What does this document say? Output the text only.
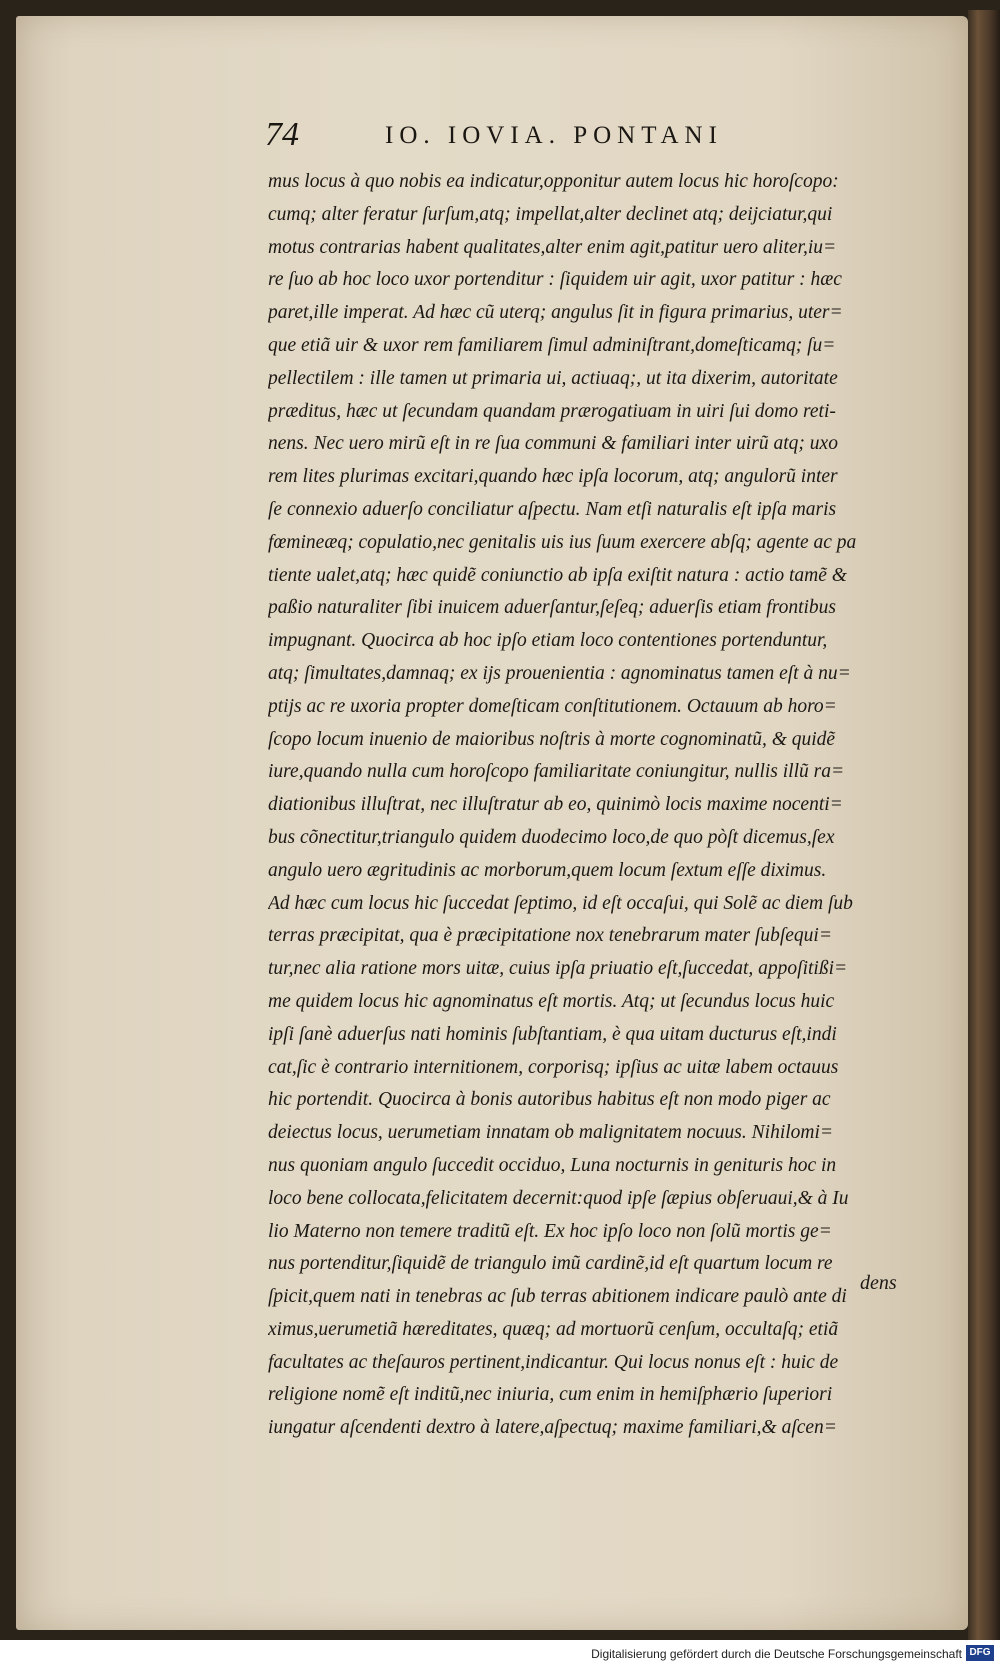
74	IO. IOVIA. PONTANI
mus locus à quo nobis ea indicatur,opponitur autem locus hic horoſcopo:
cumq; alter feratur ſurſum,atq; impellat,alter declinet atq; deijciatur,qui
motus contrarias habent qualitates,alter enim agit,patitur uero aliter,iu=
re ſuo ab hoc loco uxor portenditur : ſiquidem uir agit, uxor patitur : hæc
paret,ille imperat. Ad hæc cũ uterq; angulus ſit in figura primarius, uter=
que etiã uir & uxor rem familiarem ſimul adminiſtrant,domeſticamq; ſu=
pellectilem : ille tamen ut primaria ui, actiuaq;, ut ita dixerim, autoritate
præditus, hæc ut ſecundam quandam prærogatiuam in uiri ſui domo reti-
nens. Nec uero mirũ eſt in re ſua communi & familiari inter uirũ atq; uxo
rem lites plurimas excitari,quando hæc ipſa locorum, atq; angulorũ inter
ſe connexio aduerſo conciliatur aſpectu. Nam etſi naturalis eſt ipſa maris
fœmineæq; copulatio,nec genitalis uis ius ſuum exercere abſq; agente ac pa
tiente ualet,atq; hæc quidẽ coniunctio ab ipſa exiſtit natura : actio tamẽ &
paßio naturaliter ſibi inuicem aduerſantur,ſeſeq; aduerſis etiam frontibus
impugnant. Quocirca ab hoc ipſo etiam loco contentiones portenduntur,
atq; ſimultates,damnaq; ex ijs prouenientia : agnominatus tamen eſt à nu=
ptijs ac re uxoria propter domeſticam conſtitutionem. Octauum ab horo=
ſcopo locum inuenio de maioribus noſtris à morte cognominatũ, & quidẽ
iure,quando nulla cum horoſcopo familiaritate coniungitur, nullis illũ ra=
diationibus illuſtrat, nec illuſtratur ab eo, quinimò locis maxime nocenti=
bus cõnectitur,triangulo quidem duodecimo loco,de quo pòſt dicemus,ſex
angulo uero ægritudinis ac morborum,quem locum ſextum eſſe diximus.
Ad hæc cum locus hic ſuccedat ſeptimo, id eſt occaſui, qui Solẽ ac diem ſub
terras præcipitat, qua è præcipitatione nox tenebrarum mater ſubſequi=
tur,nec alia ratione mors uitæ, cuius ipſa priuatio eſt,ſuccedat, appoſitißi=
me quidem locus hic agnominatus eſt mortis. Atq; ut ſecundus locus huic
ipſi ſanè aduerſus nati hominis ſubſtantiam, è qua uitam ducturus eſt,indi
cat,ſic è contrario internitionem, corporisq; ipſius ac uitæ labem octauus
hic portendit. Quocirca à bonis autoribus habitus eſt non modo piger ac
deiectus locus, uerumetiam innatam ob malignitatem nocuus. Nihilomi=
nus quoniam angulo ſuccedit occiduo, Luna nocturnis in genituris hoc in
loco bene collocata,felicitatem decernit:quod ipſe ſæpius obſeruaui,& à Iu
lio Materno non temere traditũ eſt. Ex hoc ipſo loco non ſolũ mortis ge=
nus portenditur,ſiquidẽ de triangulo imũ cardinẽ,id eſt quartum locum re
ſpicit,quem nati in tenebras ac ſub terras abitionem indicare paulò ante di
ximus,uerumetiã hæreditates, quæq; ad mortuorũ cenſum, occultaſq; etiã
facultates ac theſauros pertinent,indicantur. Qui locus nonus eſt : huic de
religione nomẽ eſt inditũ,nec iniuria, cum enim in hemiſphærio ſuperiori
iungatur aſcendenti dextro à latere,aſpectuq; maxime familiari,& aſcen=
dens
Digitalisierung gefördert durch die Deutsche Forschungsgemeinschaft DFG
